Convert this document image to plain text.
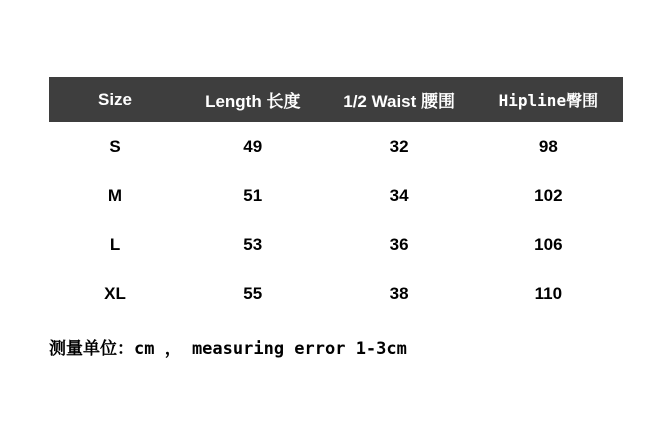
Size	Length 长度	1/2 Waist 腰围	Hipline臀围
S	49	32	98
M	51	34	102
L	53	36	106
XL	55	38	110
测量单位：cm ， measuring error 1-3cm
